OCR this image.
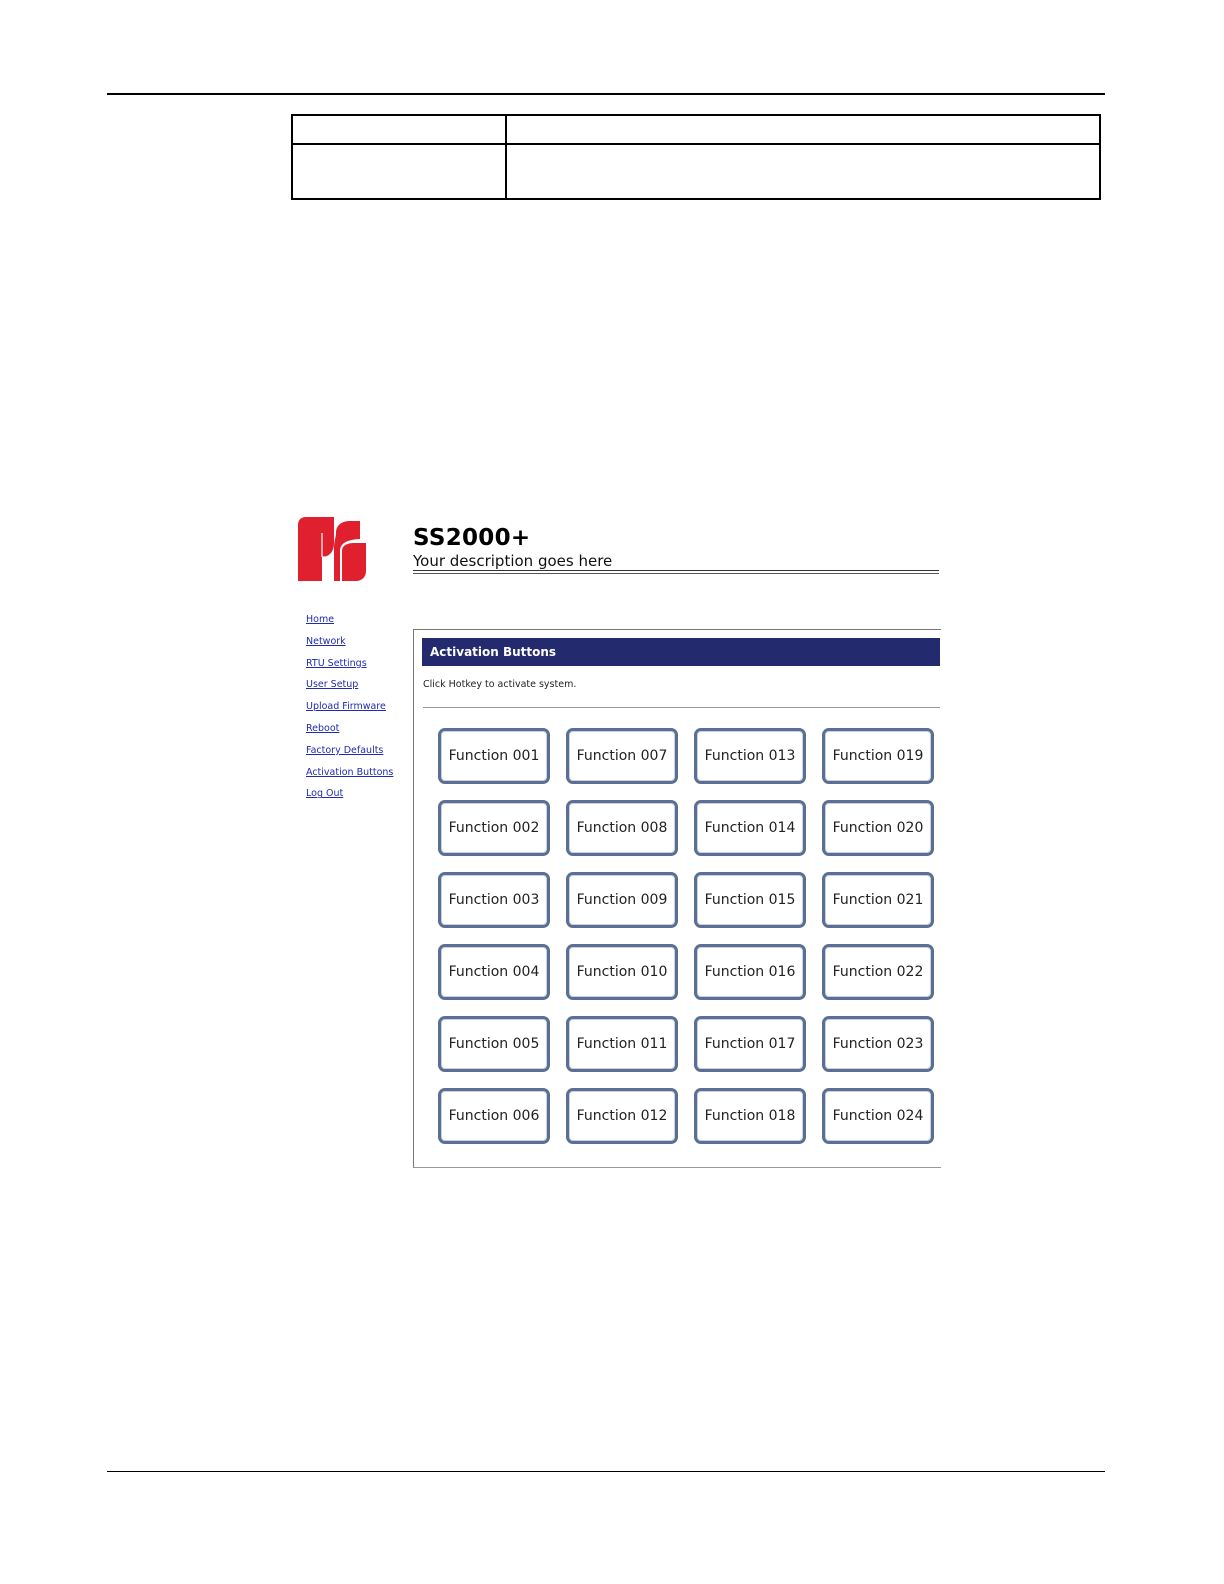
SS2000+
Your description goes here
Home
Network
RTU Settings
User Setup
Upload Firmware
Reboot
Factory Defaults
Activation Buttons
Log Out
Activation Buttons
Click Hotkey to activate system.
Function 001	Function 007	Function 013	Function 019
Function 002	Function 008	Function 014	Function 020
Function 003	Function 009	Function 015	Function 021
Function 004	Function 010	Function 016	Function 022
Function 005	Function 011	Function 017	Function 023
Function 006	Function 012	Function 018	Function 024
